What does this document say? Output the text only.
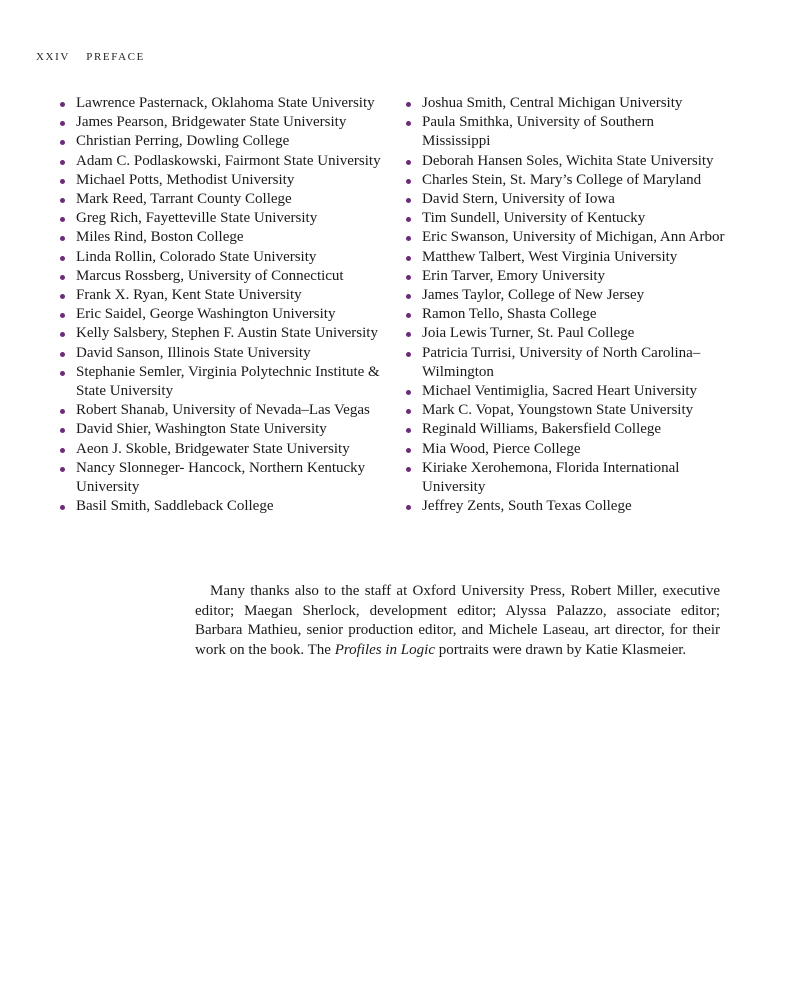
XXIV PREFACE
Lawrence Pasternack, Oklahoma State University
James Pearson, Bridgewater State University
Christian Perring, Dowling College
Adam C. Podlaskowski, Fairmont State University
Michael Potts, Methodist University
Mark Reed, Tarrant County College
Greg Rich, Fayetteville State University
Miles Rind, Boston College
Linda Rollin, Colorado State University
Marcus Rossberg, University of Connecticut
Frank X. Ryan, Kent State University
Eric Saidel, George Washington University
Kelly Salsbery, Stephen F. Austin State University
David Sanson, Illinois State University
Stephanie Semler, Virginia Polytechnic Institute & State University
Robert Shanab, University of Nevada–Las Vegas
David Shier, Washington State University
Aeon J. Skoble, Bridgewater State University
Nancy Slonneger- Hancock, Northern Kentucky University
Basil Smith, Saddleback College
Joshua Smith, Central Michigan University
Paula Smithka, University of Southern Mississippi
Deborah Hansen Soles, Wichita State University
Charles Stein, St. Mary’s College of Maryland
David Stern, University of Iowa
Tim Sundell, University of Kentucky
Eric Swanson, University of Michigan, Ann Arbor
Matthew Talbert, West Virginia University
Erin Tarver, Emory University
James Taylor, College of New Jersey
Ramon Tello, Shasta College
Joia Lewis Turner, St. Paul College
Patricia Turrisi, University of North Carolina–Wilmington
Michael Ventimiglia, Sacred Heart University
Mark C. Vopat, Youngstown State University
Reginald Williams, Bakersfield College
Mia Wood, Pierce College
Kiriake Xerohemona, Florida International University
Jeffrey Zents, South Texas College

Many thanks also to the staff at Oxford University Press, Robert Miller, executive editor; Maegan Sherlock, development editor; Alyssa Palazzo, associate editor; Barbara Mathieu, senior production editor, and Michele Laseau, art director, for their work on the book. The Profiles in Logic portraits were drawn by Katie Klasmeier.
